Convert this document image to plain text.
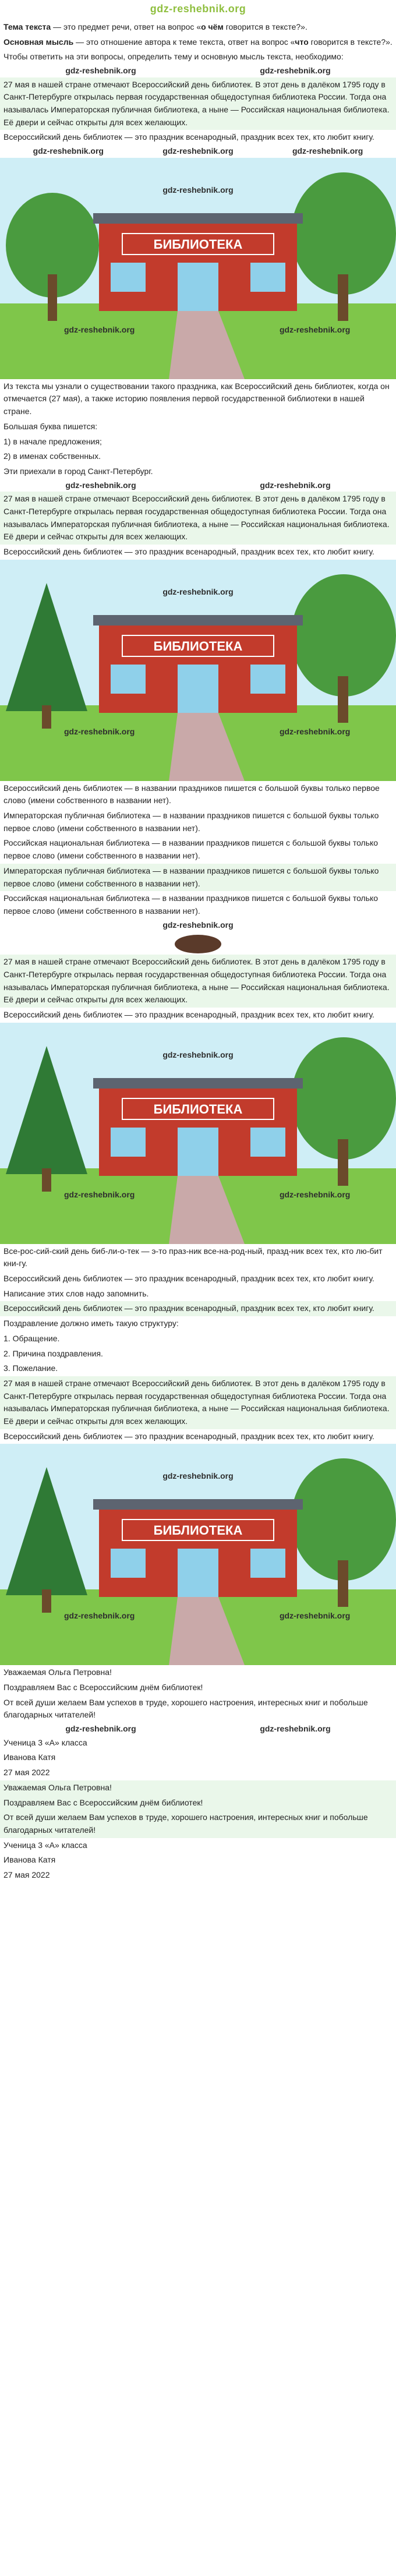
gdz-reshebnik.org
Тема текста — это предмет речи, ответ на вопрос «о чём говорится в тексте?».
Основная мысль — это отношение автора к теме текста, ответ на вопрос «что говорится в тексте?».
Чтобы ответить на эти вопросы, определить тему и основную мысль текста, необходимо:
gdz-reshebnik.org	gdz-reshebnik.org
27 мая в нашей стране отмечают Всероссийский день библиотек. В этот день в далёком 1795 году в Санкт-Петербурге открылась первая государственная общедоступная библиотека России. Тогда она называлась Императорская публичная библиотека, а ныне — Российская национальная библиотека. Её двери и сейчас открыты для всех желающих.
Всероссийский день библиотек — это праздник всенародный, праздник всех тех, кто любит книгу.
gdz-reshebnik.org	gdz-reshebnik.org	gdz-reshebnik.org
БИБЛИОТЕКА
gdz-reshebnik.org
gdz-reshebnik.org	gdz-reshebnik.org
Из текста мы узнали о существовании такого праздника, как Всероссийский день библиотек, когда он отмечается (27 мая), а также историю появления первой государственной библиотеки в нашей стране.
Большая буква пишется:
1) в начале предложения;
2) в именах собственных.
Эти приехали в город Санкт-Петербург.
gdz-reshebnik.org	gdz-reshebnik.org
27 мая в нашей стране отмечают Всероссийский день библиотек. В этот день в далёком 1795 году в Санкт-Петербурге открылась первая государственная общедоступная библиотека России. Тогда она называлась Императорская публичная библиотека, а ныне — Российская национальная библиотека. Её двери и сейчас открыты для всех желающих.
Всероссийский день библиотек — это праздник всенародный, праздник всех тех, кто любит книгу.
БИБЛИОТЕКА
gdz-reshebnik.org
gdz-reshebnik.org	gdz-reshebnik.org
Всероссийский день библиотек — в названии праздников пишется с большой буквы только первое слово (имени собственного в названии нет).
Императорская публичная библиотека — в названии праздников пишется с большой буквы только первое слово (имени собственного в названии нет).
Российская национальная библиотека — в названии праздников пишется с большой буквы только первое слово (имени собственного в названии нет).
Императорская публичная библиотека — в названии праздников пишется с большой буквы только первое слово (имени собственного в названии нет).
Российская национальная библиотека — в названии праздников пишется с большой буквы только первое слово (имени собственного в названии нет).
gdz-reshebnik.org
27 мая в нашей стране отмечают Всероссийский день библиотек. В этот день в далёком 1795 году в Санкт-Петербурге открылась первая государственная общедоступная библиотека России. Тогда она называлась Императорская публичная библиотека, а ныне — Российская национальная библиотека. Её двери и сейчас открыты для всех желающих.
Всероссийский день библиотек — это праздник всенародный, праздник всех тех, кто любит книгу.
БИБЛИОТЕКА
gdz-reshebnik.org
gdz-reshebnik.org	gdz-reshebnik.org
Все-рос-сий-ский день биб-ли-о-тек — э-то праз-ник все-на-род-ный, празд-ник всех тех, кто лю-бит кни-гу.
Всероссийский день библиотек — это праздник всенародный, праздник всех тех, кто любит книгу.
Написание этих слов надо запомнить.
Всероссийский день библиотек — это праздник всенародный, праздник всех тех, кто любит книгу.
Поздравление должно иметь такую структуру:
1. Обращение.
2. Причина поздравления.
3. Пожелание.
27 мая в нашей стране отмечают Всероссийский день библиотек. В этот день в далёком 1795 году в Санкт-Петербурге открылась первая государственная общедоступная библиотека России. Тогда она называлась Императорская публичная библиотека, а ныне — Российская национальная библиотека. Её двери и сейчас открыты для всех желающих.
Всероссийский день библиотек — это праздник всенародный, праздник всех тех, кто любит книгу.
БИБЛИОТЕКА
gdz-reshebnik.org
gdz-reshebnik.org	gdz-reshebnik.org
Уважаемая Ольга Петровна!
Поздравляем Вас с Всероссийским днём библиотек!
От всей души желаем Вам успехов в труде, хорошего настроения, интересных книг и побольше благодарных читателей!
gdz-reshebnik.org	gdz-reshebnik.org
Ученица 3 «А» класса
Иванова Катя
27 мая 2022
Уважаемая Ольга Петровна!
Поздравляем Вас с Всероссийским днём библиотек!
От всей души желаем Вам успехов в труде, хорошего настроения, интересных книг и побольше благодарных читателей!
Ученица 3 «А» класса
Иванова Катя
27 мая 2022
